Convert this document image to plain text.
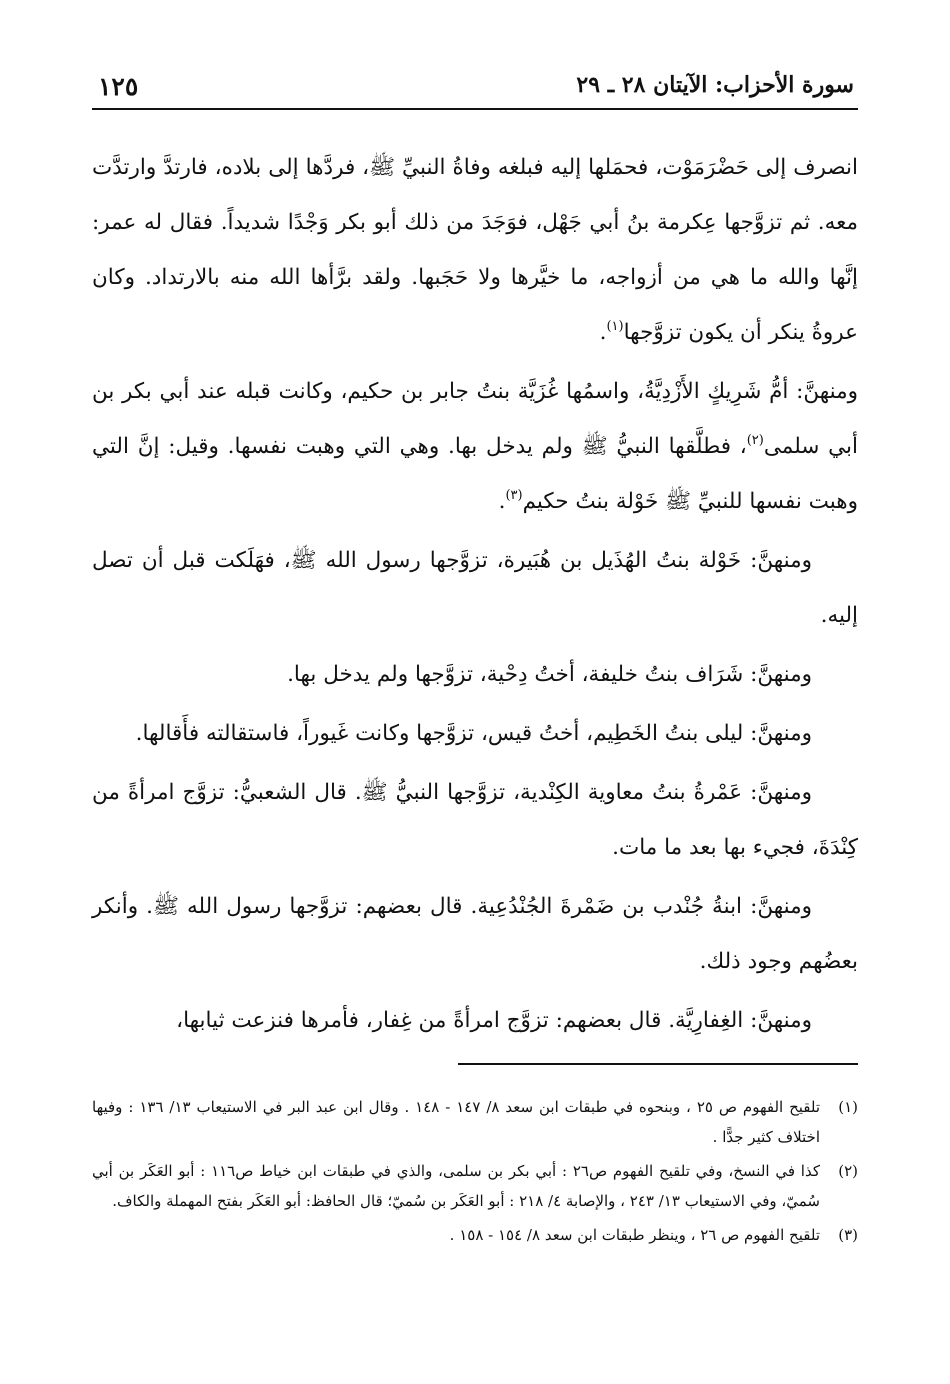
سورة الأحزاب: الآيتان ٢٨ ـ ٢٩
١٢٥

انصرف إلى حَضْرَمَوْت، فحمَلها إليه فبلغه وفاةُ النبيِّ ﷺ، فردَّها إلى بلاده، فارتدَّ وارتدَّت معه. ثم تزوَّجها عِكرمة بنُ أبي جَهْل، فوَجَدَ من ذلك أبو بكر وَجْدًا شديداً. فقال له عمر: إنَّها والله ما هي من أزواجه، ما خيَّرها ولا حَجَبها. ولقد برَّأها الله منه بالارتداد. وكان عروةُ ينكر أن يكون تزوَّجها$^{(١)}$.

ومنهنَّ: أمُّ شَرِيكٍ الأَزْدِيَّةُ، واسمُها غُزَيَّة بنتُ جابر بن حكيم، وكانت قبله عند أبي بكر بن أبي سلمى$^{(٢)}$، فطلَّقها النبيُّ ﷺ ولم يدخل بها. وهي التي وهبت نفسها. وقيل: إنَّ التي وهبت نفسها للنبيِّ ﷺ خَوْلة بنتُ حكيم$^{(٣)}$.

ومنهنَّ: خَوْلة بنتُ الهُذَيل بن هُبَيرة، تزوَّجها رسول الله ﷺ، فهَلَكت قبل أن تصل إليه.

ومنهنَّ: شَرَاف بنتُ خليفة، أختُ دِحْية، تزوَّجها ولم يدخل بها.

ومنهنَّ: ليلى بنتُ الخَطِيم، أختُ قيس، تزوَّجها وكانت غَيوراً، فاستقالته فأَقالها.

ومنهنَّ: عَمْرةُ بنتُ معاوية الكِنْدية، تزوَّجها النبيُّ ﷺ. قال الشعبيُّ: تزوَّج امرأةً من كِنْدَةَ، فجيء بها بعد ما مات.

ومنهنَّ: ابنةُ جُنْدب بن ضَمْرةَ الجُنْدُعِية. قال بعضهم: تزوَّجها رسول الله ﷺ. وأنكر بعضُهم وجود ذلك.

ومنهنَّ: الغِفارِيَّة. قال بعضهم: تزوَّج امرأةً من غِفار، فأمرها فنزعت ثيابها،

(١)
تلقيح الفهوم ص ٢٥ ، وبنحوه في طبقات ابن سعد ٨/ ١٤٧ - ١٤٨ . وقال ابن عبد البر في الاستيعاب ١٣/ ١٣٦ : وفيها اختلاف كثير جدًّا .

(٢)
كذا في النسخ، وفي تلقيح الفهوم ص٢٦ : أبي بكر بن سلمى، والذي في طبقات ابن خياط ص١١٦ : أبو العَكَر بن أبي سُميّ، وفي الاستيعاب ١٣/ ٢٤٣ ، والإصابة ٤/ ٢١٨ : أبو العَكَر بن سُميّ؛ قال الحافظ: أبو العَكَر بفتح المهملة والكاف.

(٣)
تلقيح الفهوم ص ٢٦ ، وينظر طبقات ابن سعد ٨/ ١٥٤ - ١٥٨ .
